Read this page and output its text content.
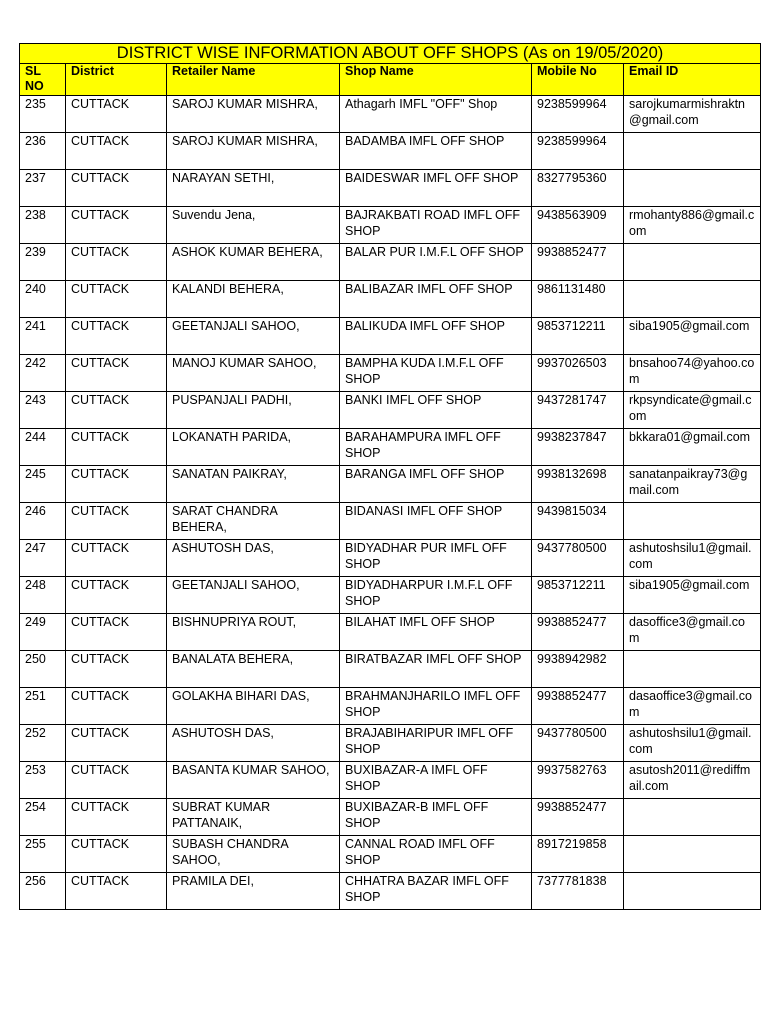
DISTRICT WISE INFORMATION ABOUT OFF SHOPS (As on 19/05/2020)					
SL NO	District	Retailer Name	Shop Name	Mobile No	Email ID
235	CUTTACK	SAROJ KUMAR MISHRA,	Athagarh IMFL "OFF" Shop	9238599964	sarojkumarmishraktn@gmail.com
236	CUTTACK	SAROJ KUMAR MISHRA,	BADAMBA IMFL OFF SHOP	9238599964	
237	CUTTACK	NARAYAN SETHI,	BAIDESWAR IMFL OFF SHOP	8327795360	
238	CUTTACK	Suvendu Jena,	BAJRAKBATI ROAD IMFL OFF SHOP	9438563909	rmohanty886@gmail.com
239	CUTTACK	ASHOK KUMAR BEHERA,	BALAR PUR I.M.F.L OFF SHOP	9938852477	
240	CUTTACK	KALANDI BEHERA,	BALIBAZAR IMFL OFF SHOP	9861131480	
241	CUTTACK	GEETANJALI SAHOO,	BALIKUDA IMFL OFF SHOP	9853712211	siba1905@gmail.com
242	CUTTACK	MANOJ KUMAR SAHOO,	BAMPHA KUDA I.M.F.L OFF SHOP	9937026503	bnsahoo74@yahoo.com
243	CUTTACK	PUSPANJALI PADHI,	BANKI IMFL OFF SHOP	9437281747	rkpsyndicate@gmail.com
244	CUTTACK	LOKANATH PARIDA,	BARAHAMPURA IMFL OFF SHOP	9938237847	bkkara01@gmail.com
245	CUTTACK	SANATAN PAIKRAY,	BARANGA IMFL OFF SHOP	9938132698	sanatanpaikray73@gmail.com
246	CUTTACK	SARAT CHANDRA BEHERA,	BIDANASI IMFL OFF SHOP	9439815034	
247	CUTTACK	ASHUTOSH DAS,	BIDYADHAR PUR IMFL OFF SHOP	9437780500	ashutoshsilu1@gmail.com
248	CUTTACK	GEETANJALI SAHOO,	BIDYADHARPUR I.M.F.L OFF SHOP	9853712211	siba1905@gmail.com
249	CUTTACK	BISHNUPRIYA ROUT,	BILAHAT IMFL OFF SHOP	9938852477	dasoffice3@gmail.com
250	CUTTACK	BANALATA BEHERA,	BIRATBAZAR IMFL OFF SHOP	9938942982	
251	CUTTACK	GOLAKHA BIHARI DAS,	BRAHMANJHARILO IMFL OFF SHOP	9938852477	dasaoffice3@gmail.com
252	CUTTACK	ASHUTOSH DAS,	BRAJABIHARIPUR IMFL OFF SHOP	9437780500	ashutoshsilu1@gmail.com
253	CUTTACK	BASANTA KUMAR SAHOO,	BUXIBAZAR-A IMFL OFF SHOP	9937582763	asutosh2011@rediffmail.com
254	CUTTACK	SUBRAT KUMAR PATTANAIK,	BUXIBAZAR-B IMFL OFF SHOP	9938852477	
255	CUTTACK	SUBASH CHANDRA SAHOO,	CANNAL ROAD IMFL OFF SHOP	8917219858	
256	CUTTACK	PRAMILA DEI,	CHHATRA BAZAR IMFL OFF SHOP	7377781838	
